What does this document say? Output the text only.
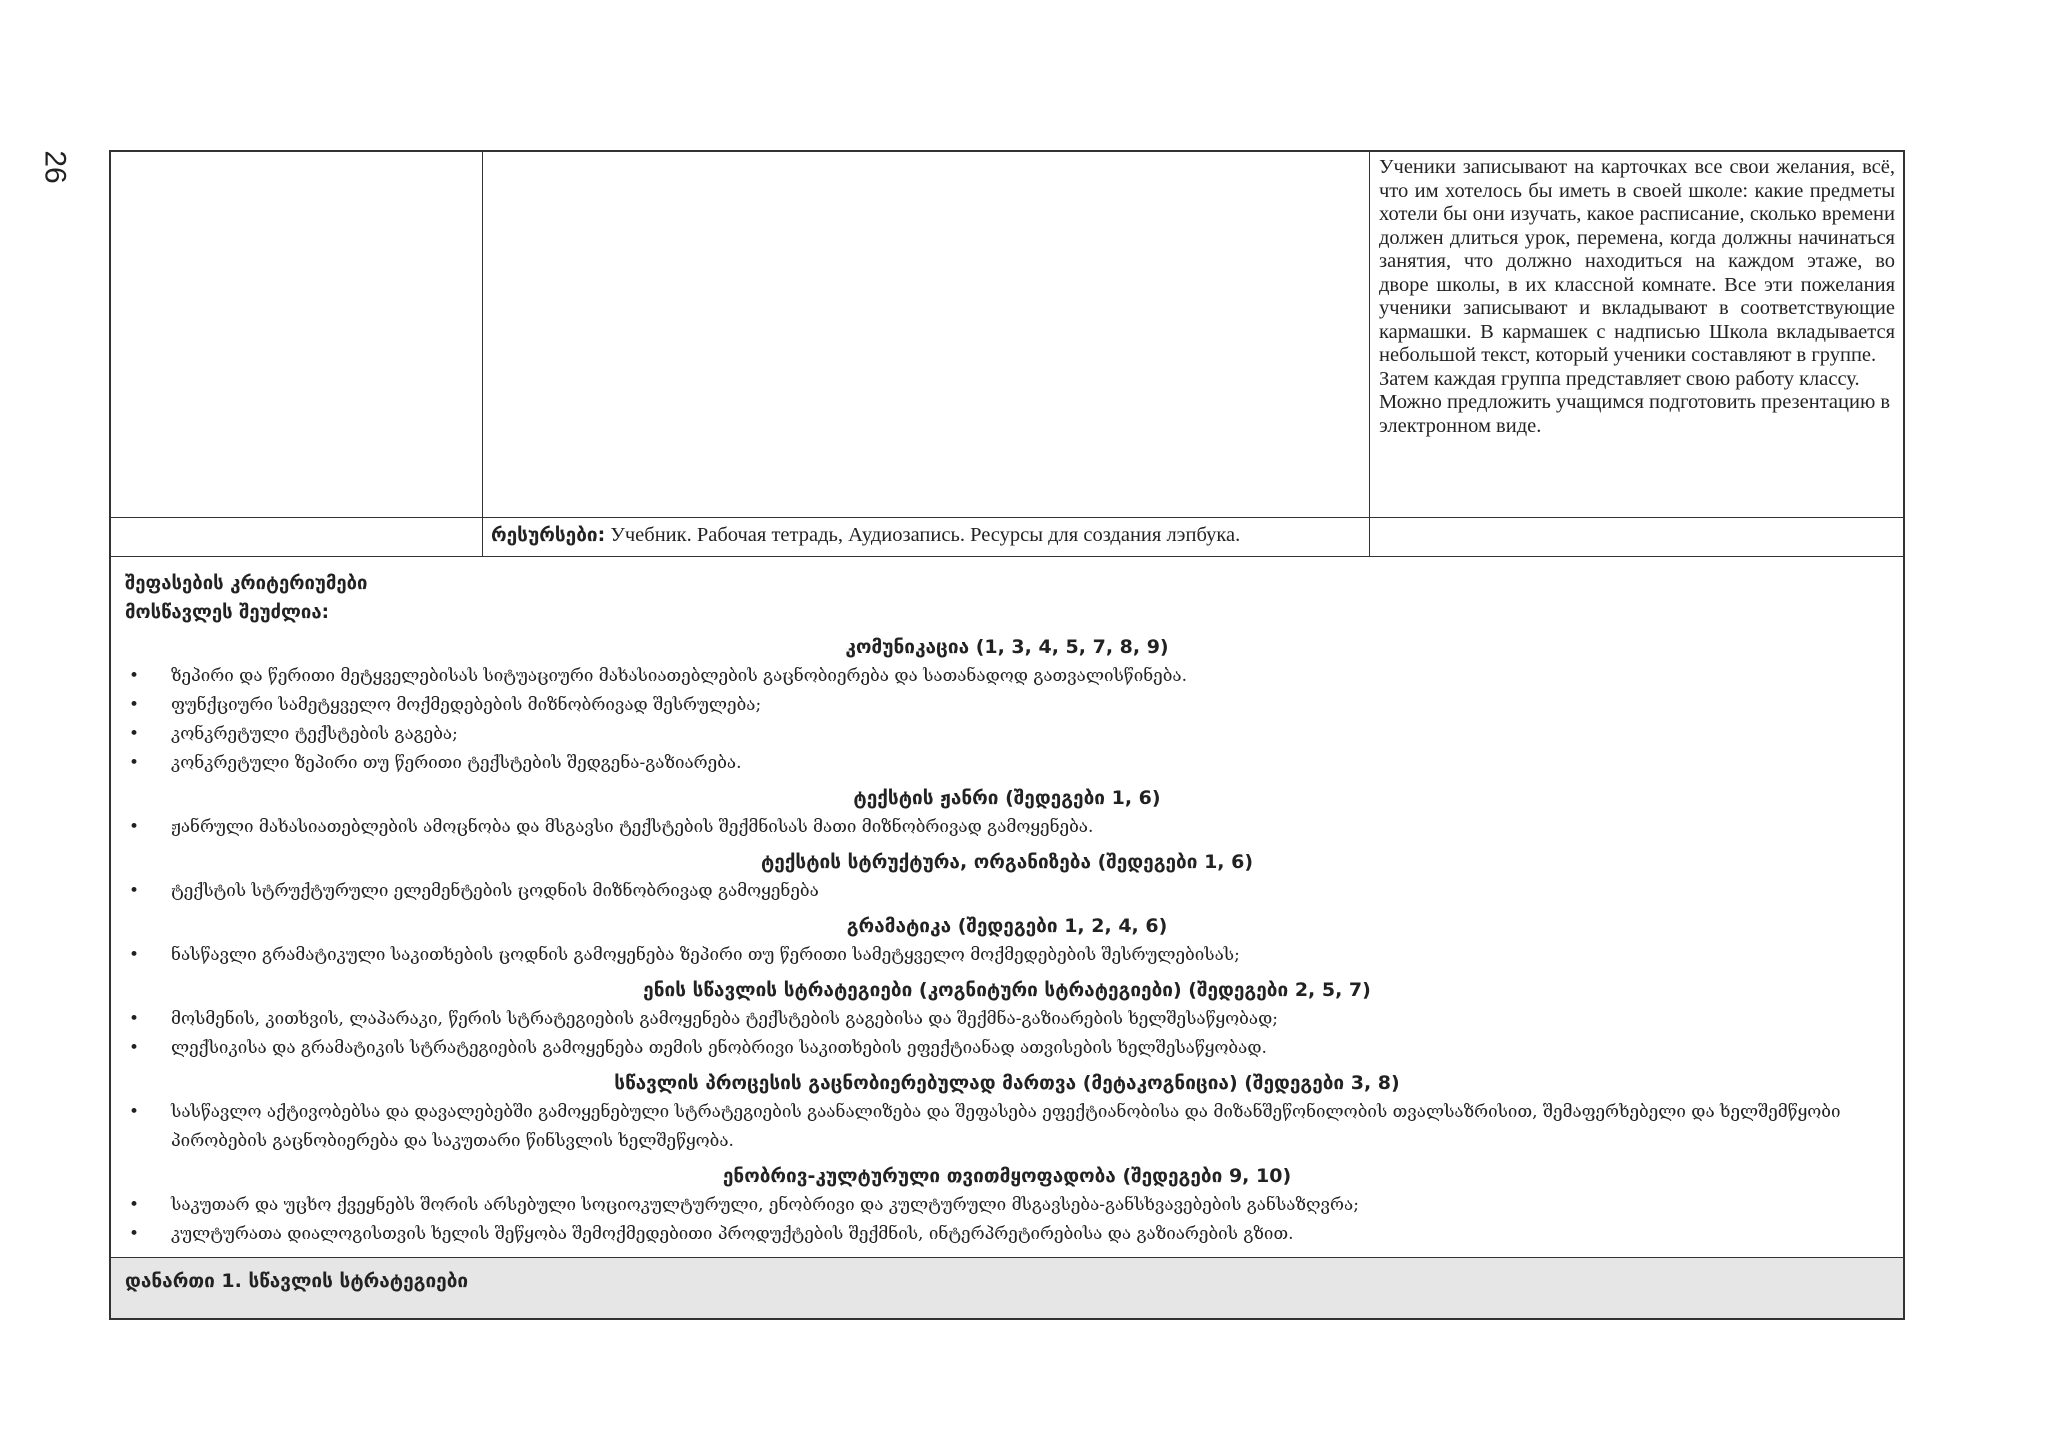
26	Ученики записывают на карточках все свои желания, всё, что им хотелось бы иметь в своей школе: какие предметы хотели бы они изучать, какое расписание, сколько времени должен длиться урок, перемена, когда должны начинаться занятия, что должно находиться на каждом этаже, во дворе школы, в их классной комнате. Все эти пожелания ученики записывают и вкладывают в соответствующие кармашки. В кармашек с надписью Школа вкладывается небольшой текст, который ученики составляют в группе.

Затем каждая группа представляет свою работу классу.

Можно предложить учащимся подготовить презентацию в электронном виде.

რესურსები: Учебник. Рабочая тетрадь, Аудиозапись. Ресурсы для создания лэпбука.
შეფასების კრიტერიუმები
მოსწავლეს შეუძლია:
კომუნიკაცია (1, 3, 4, 5, 7, 8, 9)
• ზეპირი და წერითი მეტყველებისას სიტუაციური მახასიათებლების გაცნობიერება და სათანადოდ გათვალისწინება.
• ფუნქციური სამეტყველო მოქმედებების მიზნობრივად შესრულება;
• კონკრეტული ტექსტების გაგება;
• კონკრეტული ზეპირი თუ წერითი ტექსტების შედგენა-გაზიარება.
ტექსტის ჟანრი (შედეგები 1, 6)
• ჟანრული მახასიათებლების ამოცნობა და მსგავსი ტექსტების შექმნისას მათი მიზნობრივად გამოყენება.
ტექსტის სტრუქტურა, ორგანიზება (შედეგები 1, 6)
• ტექსტის სტრუქტურული ელემენტების ცოდნის მიზნობრივად გამოყენება
გრამატიკა (შედეგები 1, 2, 4, 6)
• ნასწავლი გრამატიკული საკითხების ცოდნის გამოყენება ზეპირი თუ წერითი სამეტყველო მოქმედებების შესრულებისას;
ენის სწავლის სტრატეგიები (კოგნიტური სტრატეგიები) (შედეგები 2, 5, 7)
• მოსმენის, კითხვის, ლაპარაკი, წერის სტრატეგიების გამოყენება ტექსტების გაგებისა და შექმნა-გაზიარების ხელშესაწყობად;
• ლექსიკისა და გრამატიკის სტრატეგიების გამოყენება თემის ენობრივი საკითხების ეფექტიანად ათვისების ხელშესაწყობად.
სწავლის პროცესის გაცნობიერებულად მართვა (მეტაკოგნიცია) (შედეგები 3, 8)
• სასწავლო აქტივობებსა და დავალებებში გამოყენებული სტრატეგიების გაანალიზება და შეფასება ეფექტიანობისა და მიზანშეწონილობის თვალსაზრისით, შემაფერხებელი და ხელშემწყობი პირობების გაცნობიერება და საკუთარი წინსვლის ხელშეწყობა.
ენობრივ-კულტურული თვითმყოფადობა (შედეგები 9, 10)
• საკუთარ და უცხო ქვეყნებს შორის არსებული სოციოკულტურული, ენობრივი და კულტურული მსგავსება-განსხვავებების განსაზღვრა;
• კულტურათა დიალოგისთვის ხელის შეწყობა შემოქმედებითი პროდუქტების შექმნის, ინტერპრეტირებისა და გაზიარების გზით.
დანართი 1. სწავლის სტრატეგიები
